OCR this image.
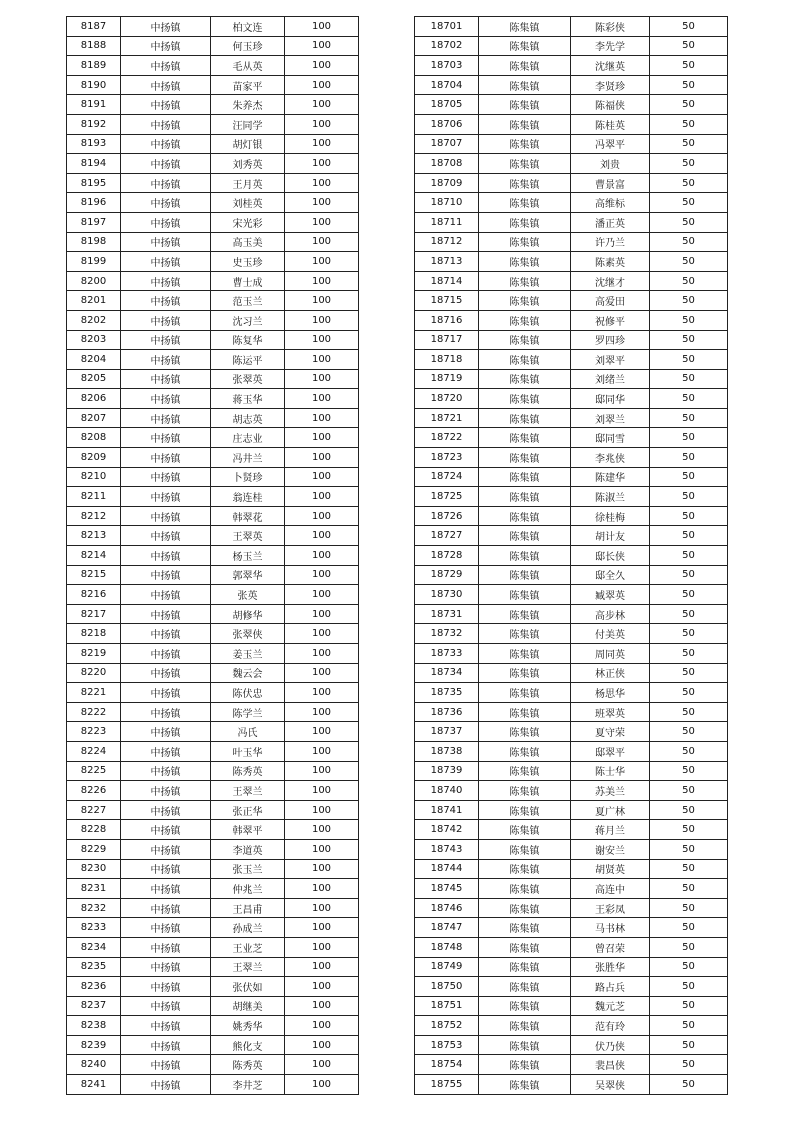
8187	中扬镇	柏文连	100
8188	中扬镇	何玉珍	100
8189	中扬镇	毛从英	100
8190	中扬镇	苗家平	100
8191	中扬镇	朱养杰	100
8192	中扬镇	汪同学	100
8193	中扬镇	胡灯银	100
8194	中扬镇	刘秀英	100
8195	中扬镇	王月英	100
8196	中扬镇	刘桂英	100
8197	中扬镇	宋光彩	100
8198	中扬镇	高玉美	100
8199	中扬镇	史玉珍	100
8200	中扬镇	曹士成	100
8201	中扬镇	范玉兰	100
8202	中扬镇	沈习兰	100
8203	中扬镇	陈复华	100
8204	中扬镇	陈运平	100
8205	中扬镇	张翠英	100
8206	中扬镇	蒋玉华	100
8207	中扬镇	胡志英	100
8208	中扬镇	庄志业	100
8209	中扬镇	冯井兰	100
8210	中扬镇	卜贤珍	100
8211	中扬镇	翁连桂	100
8212	中扬镇	韩翠花	100
8213	中扬镇	王翠英	100
8214	中扬镇	杨玉兰	100
8215	中扬镇	郭翠华	100
8216	中扬镇	张英	100
8217	中扬镇	胡修华	100
8218	中扬镇	张翠侠	100
8219	中扬镇	姜玉兰	100
8220	中扬镇	魏云会	100
8221	中扬镇	陈伏忠	100
8222	中扬镇	陈学兰	100
8223	中扬镇	冯氏	100
8224	中扬镇	叶玉华	100
8225	中扬镇	陈秀英	100
8226	中扬镇	王翠兰	100
8227	中扬镇	张正华	100
8228	中扬镇	韩翠平	100
8229	中扬镇	李道英	100
8230	中扬镇	张玉兰	100
8231	中扬镇	仲兆兰	100
8232	中扬镇	王昌甫	100
8233	中扬镇	孙成兰	100
8234	中扬镇	王业芝	100
8235	中扬镇	王翠兰	100
8236	中扬镇	张伏如	100
8237	中扬镇	胡继美	100
8238	中扬镇	姚秀华	100
8239	中扬镇	熊化支	100
8240	中扬镇	陈秀英	100
8241	中扬镇	李井芝	100
18701	陈集镇	陈彩侠	50
18702	陈集镇	李先学	50
18703	陈集镇	沈继英	50
18704	陈集镇	李贤珍	50
18705	陈集镇	陈福侠	50
18706	陈集镇	陈桂英	50
18707	陈集镇	冯翠平	50
18708	陈集镇	刘贵	50
18709	陈集镇	曹景富	50
18710	陈集镇	高维标	50
18711	陈集镇	潘正英	50
18712	陈集镇	许乃兰	50
18713	陈集镇	陈素英	50
18714	陈集镇	沈继才	50
18715	陈集镇	高爱田	50
18716	陈集镇	祝修平	50
18717	陈集镇	罗四珍	50
18718	陈集镇	刘翠平	50
18719	陈集镇	刘绪兰	50
18720	陈集镇	邸同华	50
18721	陈集镇	刘翠兰	50
18722	陈集镇	邸同雪	50
18723	陈集镇	李兆侠	50
18724	陈集镇	陈建华	50
18725	陈集镇	陈淑兰	50
18726	陈集镇	徐桂梅	50
18727	陈集镇	胡计友	50
18728	陈集镇	邸长侠	50
18729	陈集镇	邸全久	50
18730	陈集镇	臧翠英	50
18731	陈集镇	高步林	50
18732	陈集镇	付美英	50
18733	陈集镇	周同英	50
18734	陈集镇	林正侠	50
18735	陈集镇	杨思华	50
18736	陈集镇	班翠英	50
18737	陈集镇	夏守荣	50
18738	陈集镇	邸翠平	50
18739	陈集镇	陈士华	50
18740	陈集镇	苏美兰	50
18741	陈集镇	夏广林	50
18742	陈集镇	蒋月兰	50
18743	陈集镇	谢安兰	50
18744	陈集镇	胡贤英	50
18745	陈集镇	高连中	50
18746	陈集镇	王彩凤	50
18747	陈集镇	马书林	50
18748	陈集镇	曾召荣	50
18749	陈集镇	张胜华	50
18750	陈集镇	路占兵	50
18751	陈集镇	魏元芝	50
18752	陈集镇	范有玲	50
18753	陈集镇	伏乃侠	50
18754	陈集镇	裴昌侠	50
18755	陈集镇	吴翠侠	50
